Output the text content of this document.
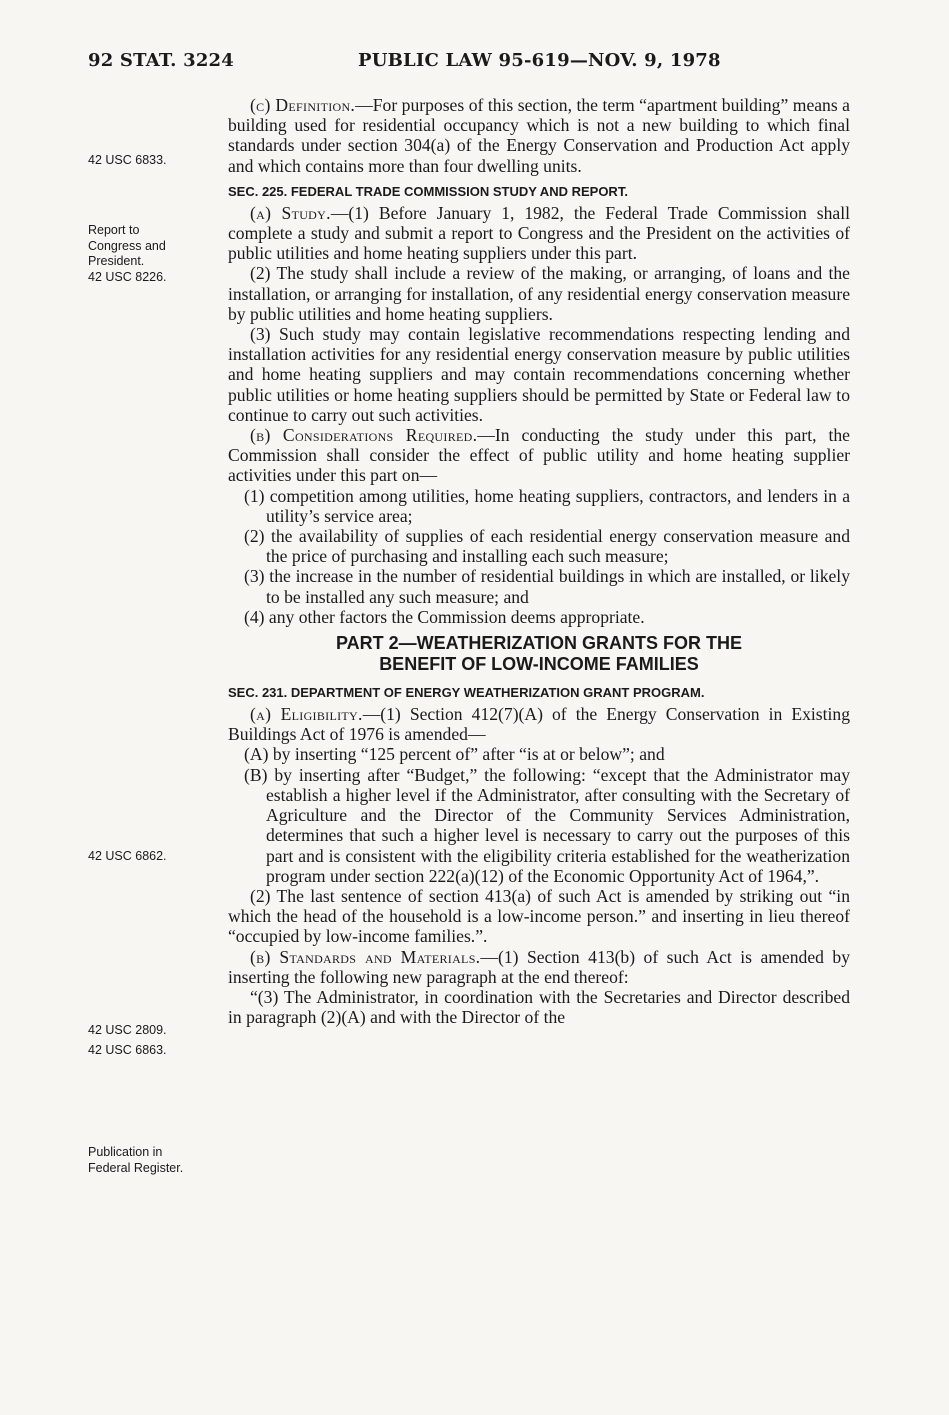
92 STAT. 3224	PUBLIC LAW 95-619—NOV. 9, 1978
42 USC 6833.
Report to
Congress and
President.
42 USC 8226.
42 USC 6862.
42 USC 2809.
42 USC 6863.
Publication in
Federal Register.

(c) Definition.—For purposes of this section, the term “apartment building” means a building used for residential occupancy which is not a new building to which final standards under section 304(a) of the Energy Conservation and Production Act apply and which contains more than four dwelling units.

SEC. 225. FEDERAL TRADE COMMISSION STUDY AND REPORT.

(a) Study.—(1) Before January 1, 1982, the Federal Trade Commission shall complete a study and submit a report to Congress and the President on the activities of public utilities and home heating suppliers under this part.

(2) The study shall include a review of the making, or arranging, of loans and the installation, or arranging for installation, of any residential energy conservation measure by public utilities and home heating suppliers.

(3) Such study may contain legislative recommendations respecting lending and installation activities for any residential energy conservation measure by public utilities and home heating suppliers and may contain recommendations concerning whether public utilities or home heating suppliers should be permitted by State or Federal law to continue to carry out such activities.

(b) Considerations Required.—In conducting the study under this part, the Commission shall consider the effect of public utility and home heating supplier activities under this part on—

(1) competition among utilities, home heating suppliers, contractors, and lenders in a utility’s service area;

(2) the availability of supplies of each residential energy conservation measure and the price of purchasing and installing each such measure;

(3) the increase in the number of residential buildings in which are installed, or likely to be installed any such measure; and

(4) any other factors the Commission deems appropriate.

PART 2—WEATHERIZATION GRANTS FOR THE
BENEFIT OF LOW-INCOME FAMILIES
SEC. 231. DEPARTMENT OF ENERGY WEATHERIZATION GRANT PROGRAM.

(a) Eligibility.—(1) Section 412(7)(A) of the Energy Conservation in Existing Buildings Act of 1976 is amended—

(A) by inserting “125 percent of” after “is at or below”; and

(B) by inserting after “Budget,” the following: “except that the Administrator may establish a higher level if the Administrator, after consulting with the Secretary of Agriculture and the Director of the Community Services Administration, determines that such a higher level is necessary to carry out the purposes of this part and is consistent with the eligibility criteria established for the weatherization program under section 222(a)(12) of the Economic Opportunity Act of 1964,”.

(2) The last sentence of section 413(a) of such Act is amended by striking out “in which the head of the household is a low-income person.” and inserting in lieu thereof “occupied by low-income families.”.

(b) Standards and Materials.—(1) Section 413(b) of such Act is amended by inserting the following new paragraph at the end thereof:

“(3) The Administrator, in coordination with the Secretaries and Director described in paragraph (2)(A) and with the Director of the
